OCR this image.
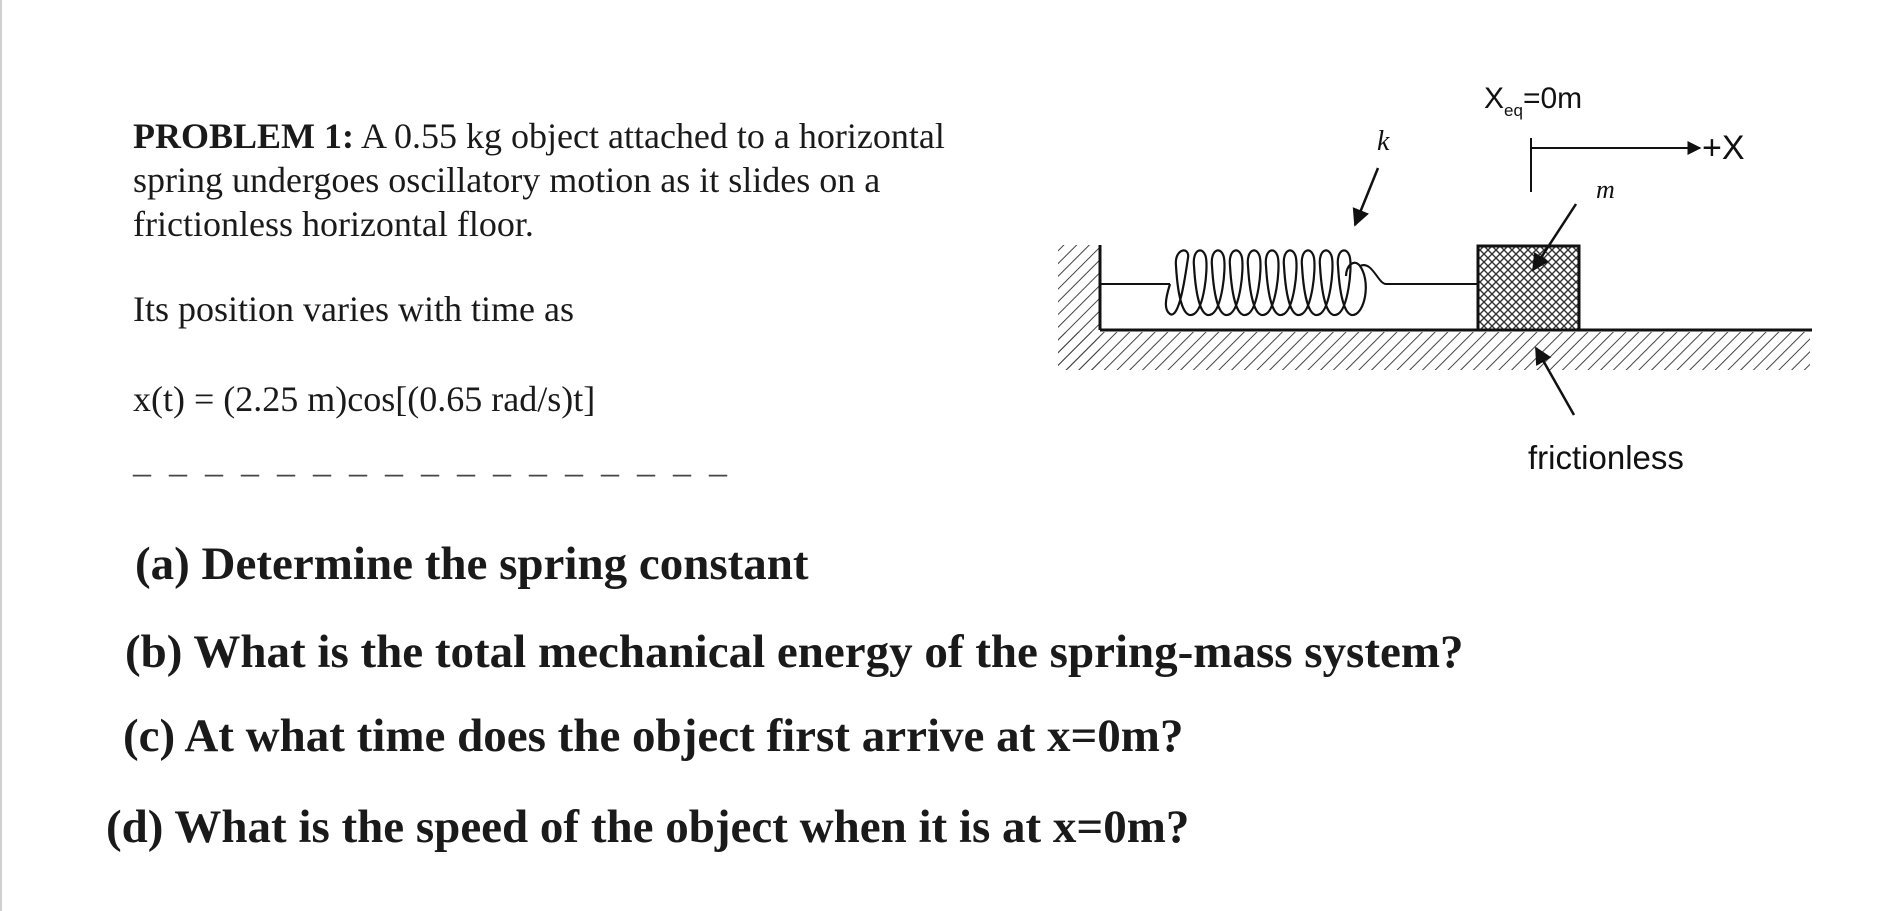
PROBLEM 1: A 0.55 kg object attached to a horizontal

spring undergoes oscillatory motion as it slides on a

frictionless horizontal floor.

Its position varies with time as
x(t) = (2.25 m)cos[(0.65 rad/s)t]
–––––––––––––––––
(a) Determine the spring constant
(b) What is the total mechanical energy of the spring-mass system?
(c) At what time does the object first arrive at x=0m?
(d) What is the speed of the object when it is at x=0m?
$X_{eq}=0m$
+X
k
m
frictionless
